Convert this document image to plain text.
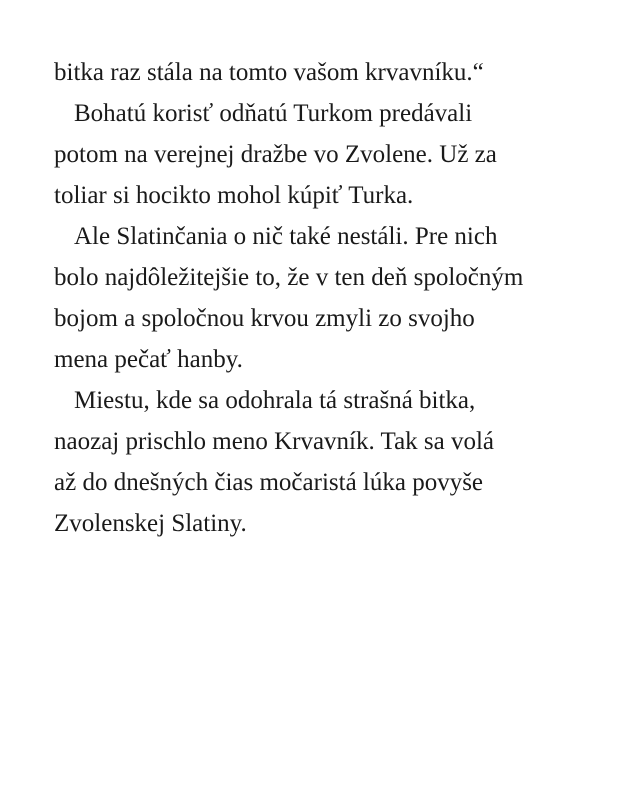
bitka raz stála na tomto vašom krvavníku.“
Bohatú korisť odňatú Turkom predávali
potom na verejnej dražbe vo Zvolene. Už za
toliar si hocikto mohol kúpiť Turka.
Ale Slatinčania o nič také nestáli. Pre nich
bolo najdôležitejšie to, že v ten deň spoločným
bojom a spoločnou krvou zmyli zo svojho
mena pečať hanby.
Miestu, kde sa odohrala tá strašná bitka,
naozaj prischlo meno Krvavník. Tak sa volá
až do dnešných čias močaristá lúka povyše
Zvolenskej Slatiny.
